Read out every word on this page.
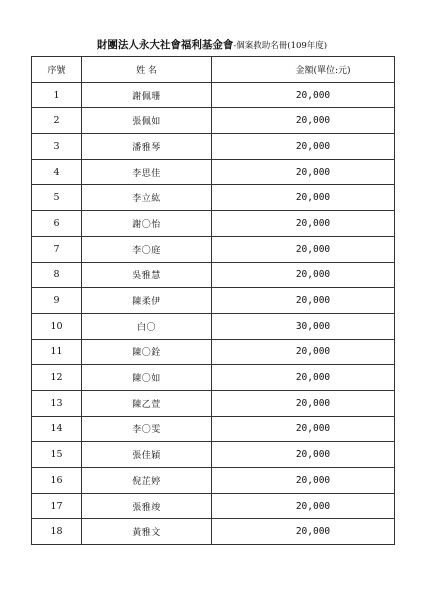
財團法人永大社會福利基金會-個案救助名冊(109年度)
序號	姓 名	金額(單位:元)
1	謝佩珊	20,000
2	張佩如	20,000
3	潘雅琴	20,000
4	李思佳	20,000
5	李立紘	20,000
6	謝〇怡	20,000
7	李〇庭	20,000
8	吳雅慧	20,000
9	陳柔伊	20,000
10	白〇	30,000
11	陳〇銓	20,000
12	陳〇如	20,000
13	陳乙萱	20,000
14	李〇雯	20,000
15	張佳穎	20,000
16	倪芷婷	20,000
17	張雅竣	20,000
18	黃雅文	20,000
